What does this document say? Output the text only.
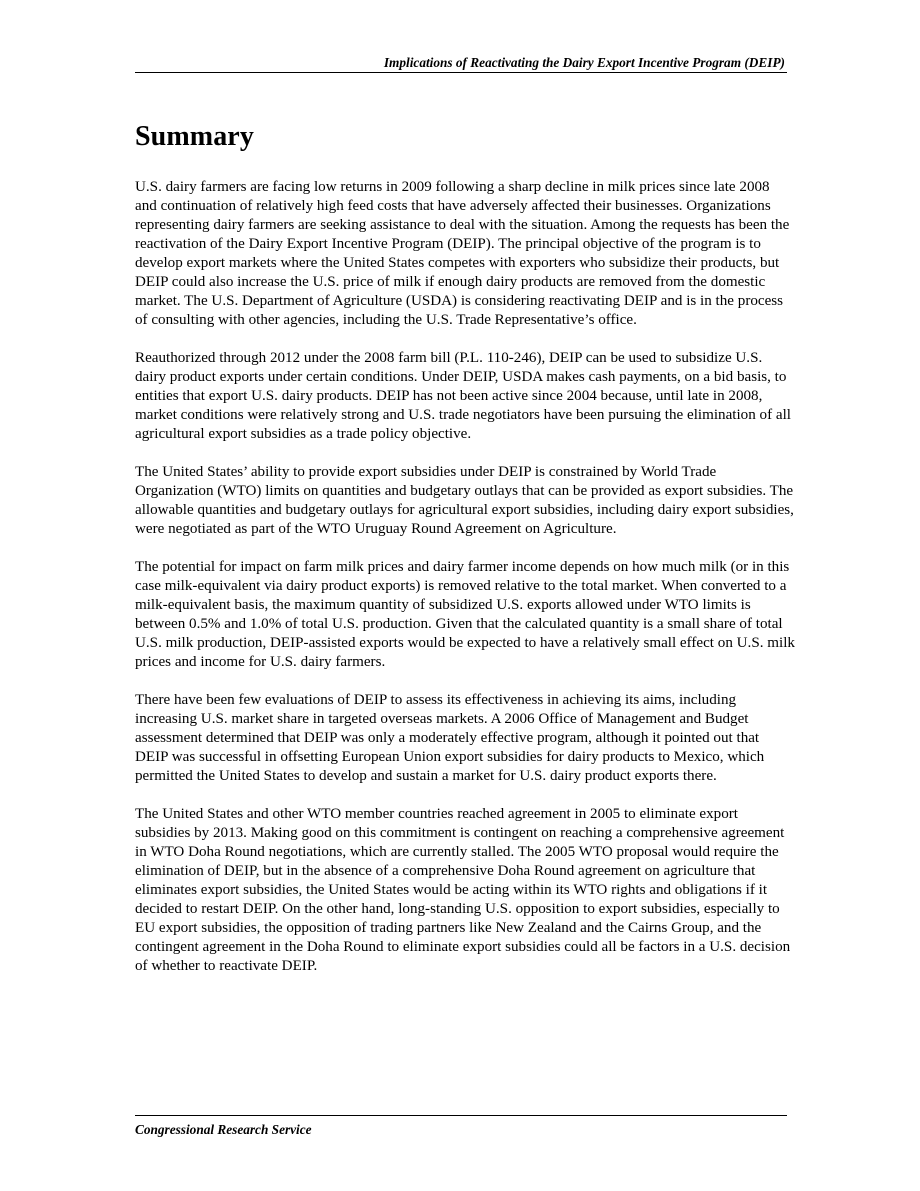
Implications of Reactivating the Dairy Export Incentive Program (DEIP)
Summary

U.S. dairy farmers are facing low returns in 2009 following a sharp decline in milk prices since late 2008 and continuation of relatively high feed costs that have adversely affected their businesses. Organizations representing dairy farmers are seeking assistance to deal with the situation. Among the requests has been the reactivation of the Dairy Export Incentive Program (DEIP). The principal objective of the program is to develop export markets where the United States competes with exporters who subsidize their products, but DEIP could also increase the U.S. price of milk if enough dairy products are removed from the domestic market. The U.S. Department of Agriculture (USDA) is considering reactivating DEIP and is in the process of consulting with other agencies, including the U.S. Trade Representative’s office.

Reauthorized through 2012 under the 2008 farm bill (P.L. 110-246), DEIP can be used to subsidize U.S. dairy product exports under certain conditions. Under DEIP, USDA makes cash payments, on a bid basis, to entities that export U.S. dairy products. DEIP has not been active since 2004 because, until late in 2008, market conditions were relatively strong and U.S. trade negotiators have been pursuing the elimination of all agricultural export subsidies as a trade policy objective.

The United States’ ability to provide export subsidies under DEIP is constrained by World Trade Organization (WTO) limits on quantities and budgetary outlays that can be provided as export subsidies. The allowable quantities and budgetary outlays for agricultural export subsidies, including dairy export subsidies, were negotiated as part of the WTO Uruguay Round Agreement on Agriculture.

The potential for impact on farm milk prices and dairy farmer income depends on how much milk (or in this case milk-equivalent via dairy product exports) is removed relative to the total market. When converted to a milk-equivalent basis, the maximum quantity of subsidized U.S. exports allowed under WTO limits is between 0.5% and 1.0% of total U.S. production. Given that the calculated quantity is a small share of total U.S. milk production, DEIP-assisted exports would be expected to have a relatively small effect on U.S. milk prices and income for U.S. dairy farmers.

There have been few evaluations of DEIP to assess its effectiveness in achieving its aims, including increasing U.S. market share in targeted overseas markets. A 2006 Office of Management and Budget assessment determined that DEIP was only a moderately effective program, although it pointed out that DEIP was successful in offsetting European Union export subsidies for dairy products to Mexico, which permitted the United States to develop and sustain a market for U.S. dairy product exports there.

The United States and other WTO member countries reached agreement in 2005 to eliminate export subsidies by 2013. Making good on this commitment is contingent on reaching a comprehensive agreement in WTO Doha Round negotiations, which are currently stalled. The 2005 WTO proposal would require the elimination of DEIP, but in the absence of a comprehensive Doha Round agreement on agriculture that eliminates export subsidies, the United States would be acting within its WTO rights and obligations if it decided to restart DEIP. On the other hand, long-standing U.S. opposition to export subsidies, especially to EU export subsidies, the opposition of trading partners like New Zealand and the Cairns Group, and the contingent agreement in the Doha Round to eliminate export subsidies could all be factors in a U.S. decision of whether to reactivate DEIP.

Congressional Research Service
